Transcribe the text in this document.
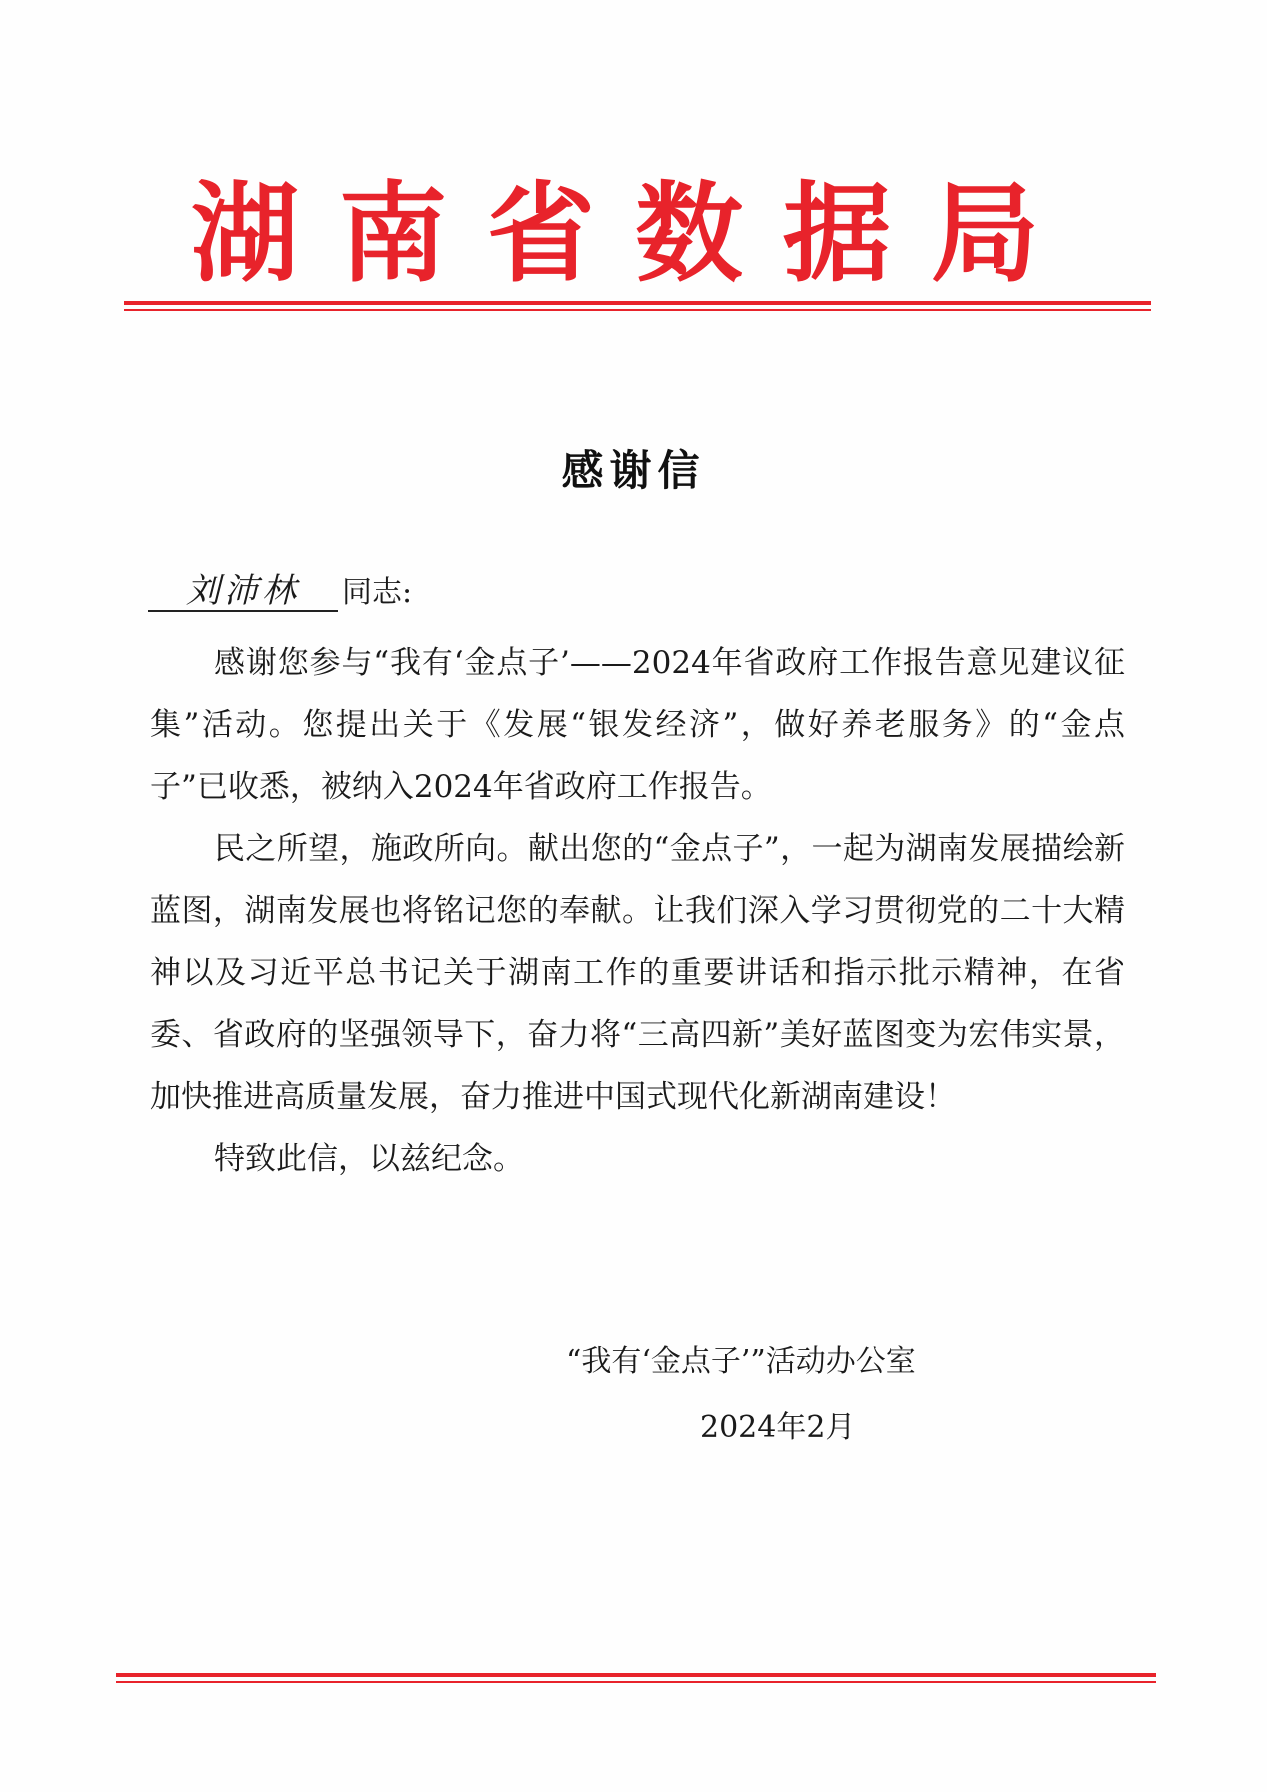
湖南省数据局
感谢信
刘沛林 同志:

感谢您参与“我有‘金点子’——2024年省政府工作报告意见建议征集”活动。您提出关于《发展“银发经济”，做好养老服务》的“金点子”已收悉，被纳入2024年省政府工作报告。

民之所望，施政所向。献出您的“金点子”，一起为湖南发展描绘新蓝图，湖南发展也将铭记您的奉献。让我们深入学习贯彻党的二十大精神以及习近平总书记关于湖南工作的重要讲话和指示批示精神，在省委、省政府的坚强领导下，奋力将“三高四新”美好蓝图变为宏伟实景，加快推进高质量发展，奋力推进中国式现代化新湖南建设！

特致此信，以兹纪念。

“我有‘金点子’”活动办公室
2024年2月
